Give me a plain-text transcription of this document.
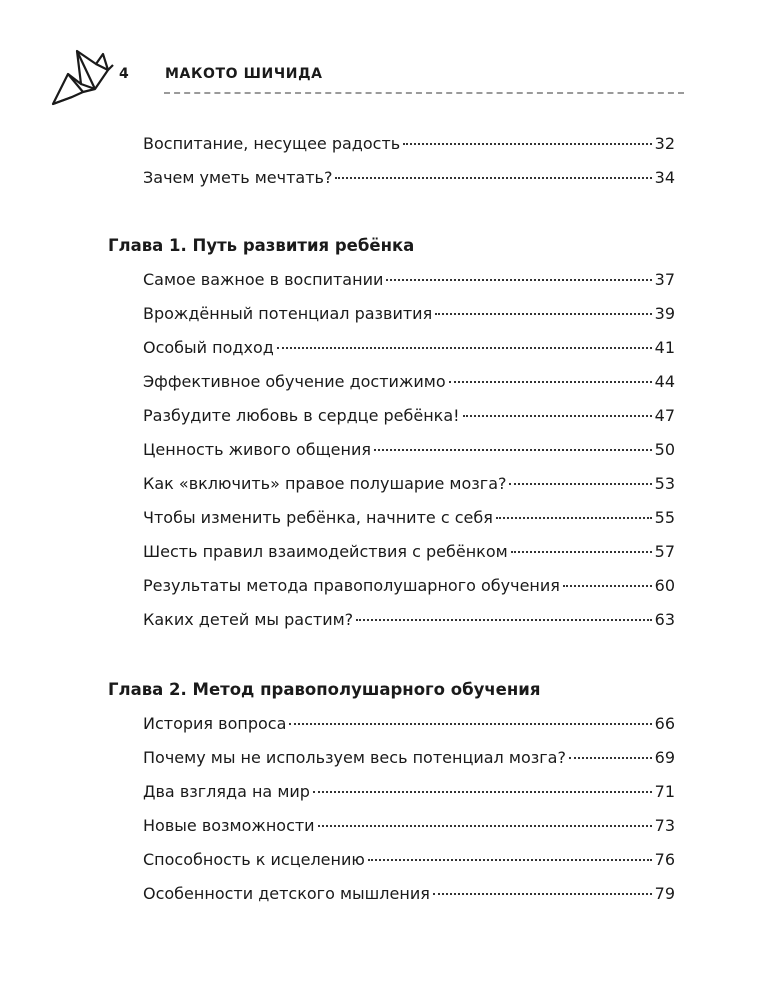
4	МАКОТО ШИЧИДА
Воспитание, несущее радость	32
Зачем уметь мечтать?	34
Глава 1. Путь развития ребёнка
Самое важное в воспитании	37
Врождённый потенциал развития	39
Особый подход	41
Эффективное обучение достижимо	44
Разбудите любовь в сердце ребёнка!	47
Ценность живого общения	50
Как «включить» правое полушарие мозга?	53
Чтобы изменить ребёнка, начните с себя	55
Шесть правил взаимодействия с ребёнком	57
Результаты метода правополушарного обучения	60
Каких детей мы растим?	63
Глава 2. Метод правополушарного обучения
История вопроса	66
Почему мы не используем весь потенциал мозга?	69
Два взгляда на мир	71
Новые возможности	73
Способность к исцелению	76
Особенности детского мышления	79
